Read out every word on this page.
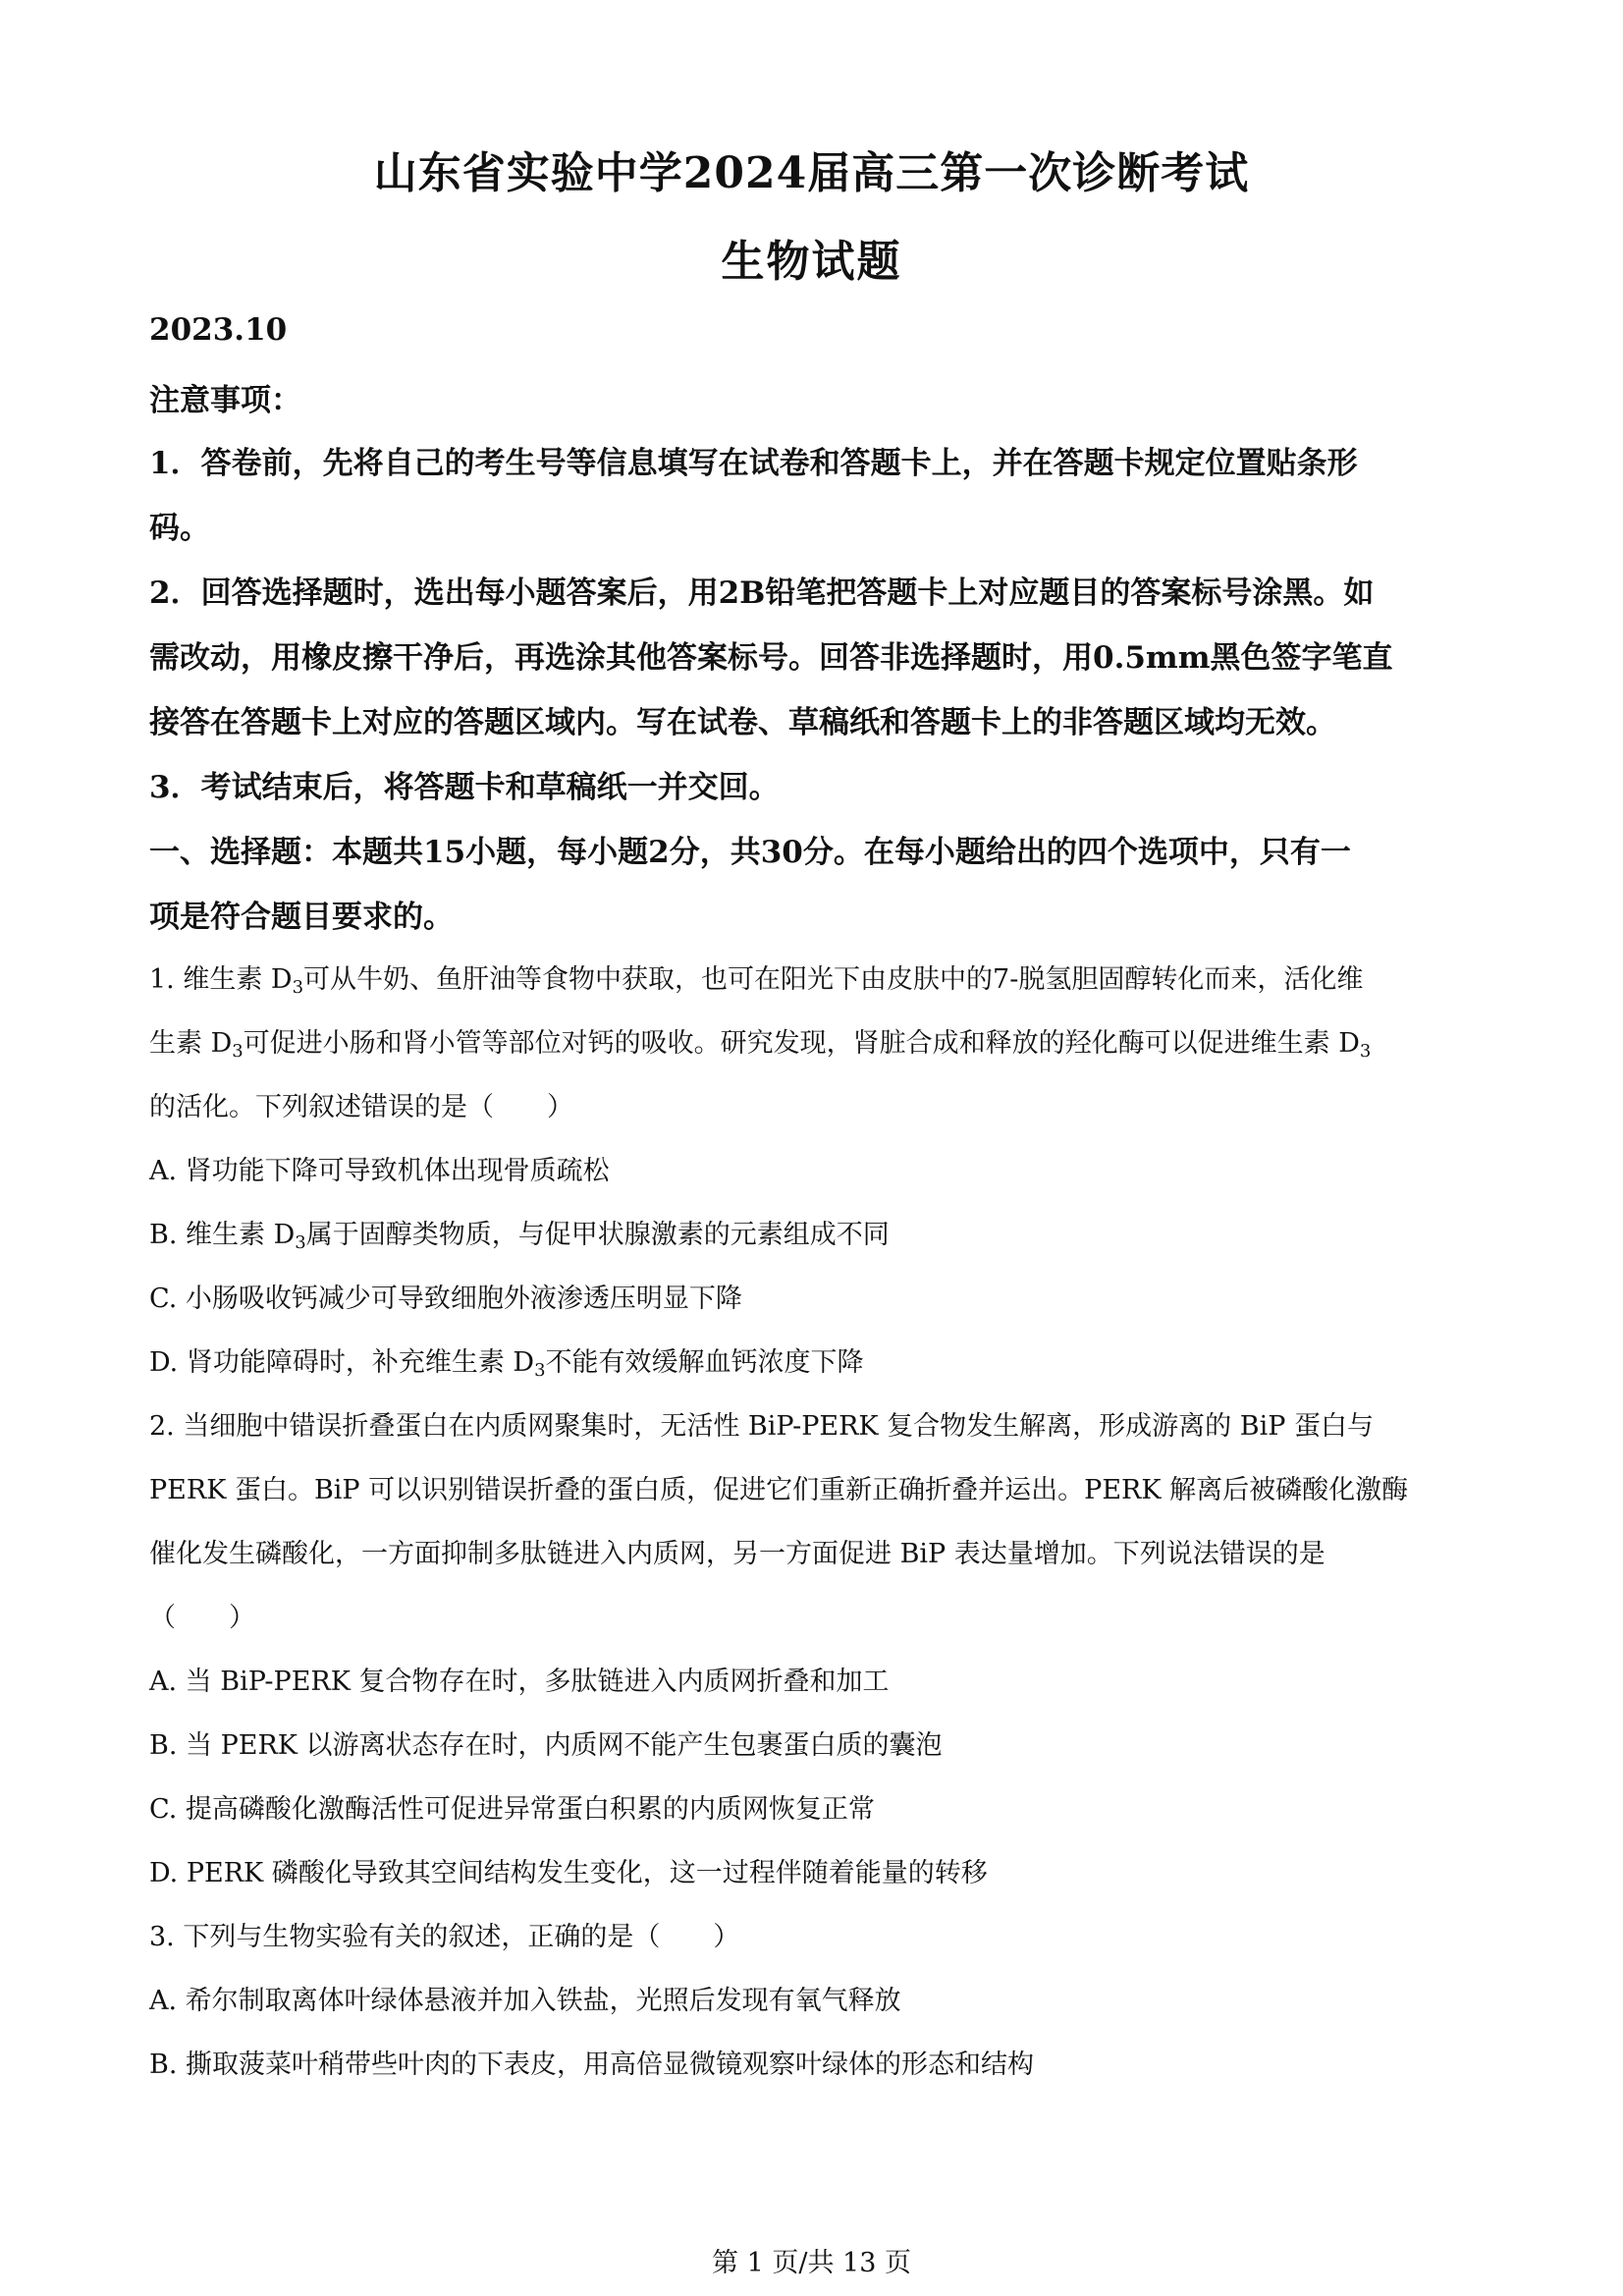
山东省实验中学2024届高三第一次诊断考试
生物试题
2023.10
注意事项：
1．答卷前，先将自己的考生号等信息填写在试卷和答题卡上，并在答题卡规定位置贴条形
码。
2．回答选择题时，选出每小题答案后，用2B铅笔把答题卡上对应题目的答案标号涂黑。如
需改动，用橡皮擦干净后，再选涂其他答案标号。回答非选择题时，用0.5mm黑色签字笔直
接答在答题卡上对应的答题区域内。写在试卷、草稿纸和答题卡上的非答题区域均无效。
3．考试结束后，将答题卡和草稿纸一并交回。
一、选择题：本题共15小题，每小题2分，共30分。在每小题给出的四个选项中，只有一
项是符合题目要求的。
1. 维生素 $D_3$可从牛奶、鱼肝油等食物中获取，也可在阳光下由皮肤中的7-脱氢胆固醇转化而来，活化维
生素 $D_3$可促进小肠和肾小管等部位对钙的吸收。研究发现，肾脏合成和释放的羟化酶可以促进维生素 $D_3$
的活化。下列叙述错误的是（　　）
A. 肾功能下降可导致机体出现骨质疏松
B. 维生素 $D_3$属于固醇类物质，与促甲状腺激素的元素组成不同
C. 小肠吸收钙减少可导致细胞外液渗透压明显下降
D. 肾功能障碍时，补充维生素 $D_3$不能有效缓解血钙浓度下降
2. 当细胞中错误折叠蛋白在内质网聚集时，无活性 BiP-PERK 复合物发生解离，形成游离的 BiP 蛋白与
PERK 蛋白。BiP 可以识别错误折叠的蛋白质，促进它们重新正确折叠并运出。PERK 解离后被磷酸化激酶
催化发生磷酸化，一方面抑制多肽链进入内质网，另一方面促进 BiP 表达量增加。下列说法错误的是
（　　）
A. 当 BiP-PERK 复合物存在时，多肽链进入内质网折叠和加工
B. 当 PERK 以游离状态存在时，内质网不能产生包裹蛋白质的囊泡
C. 提高磷酸化激酶活性可促进异常蛋白积累的内质网恢复正常
D. PERK 磷酸化导致其空间结构发生变化，这一过程伴随着能量的转移
3. 下列与生物实验有关的叙述，正确的是（　　）
A. 希尔制取离体叶绿体悬液并加入铁盐，光照后发现有氧气释放
B. 撕取菠菜叶稍带些叶肉的下表皮，用高倍显微镜观察叶绿体的形态和结构
第 1 页/共 13 页
